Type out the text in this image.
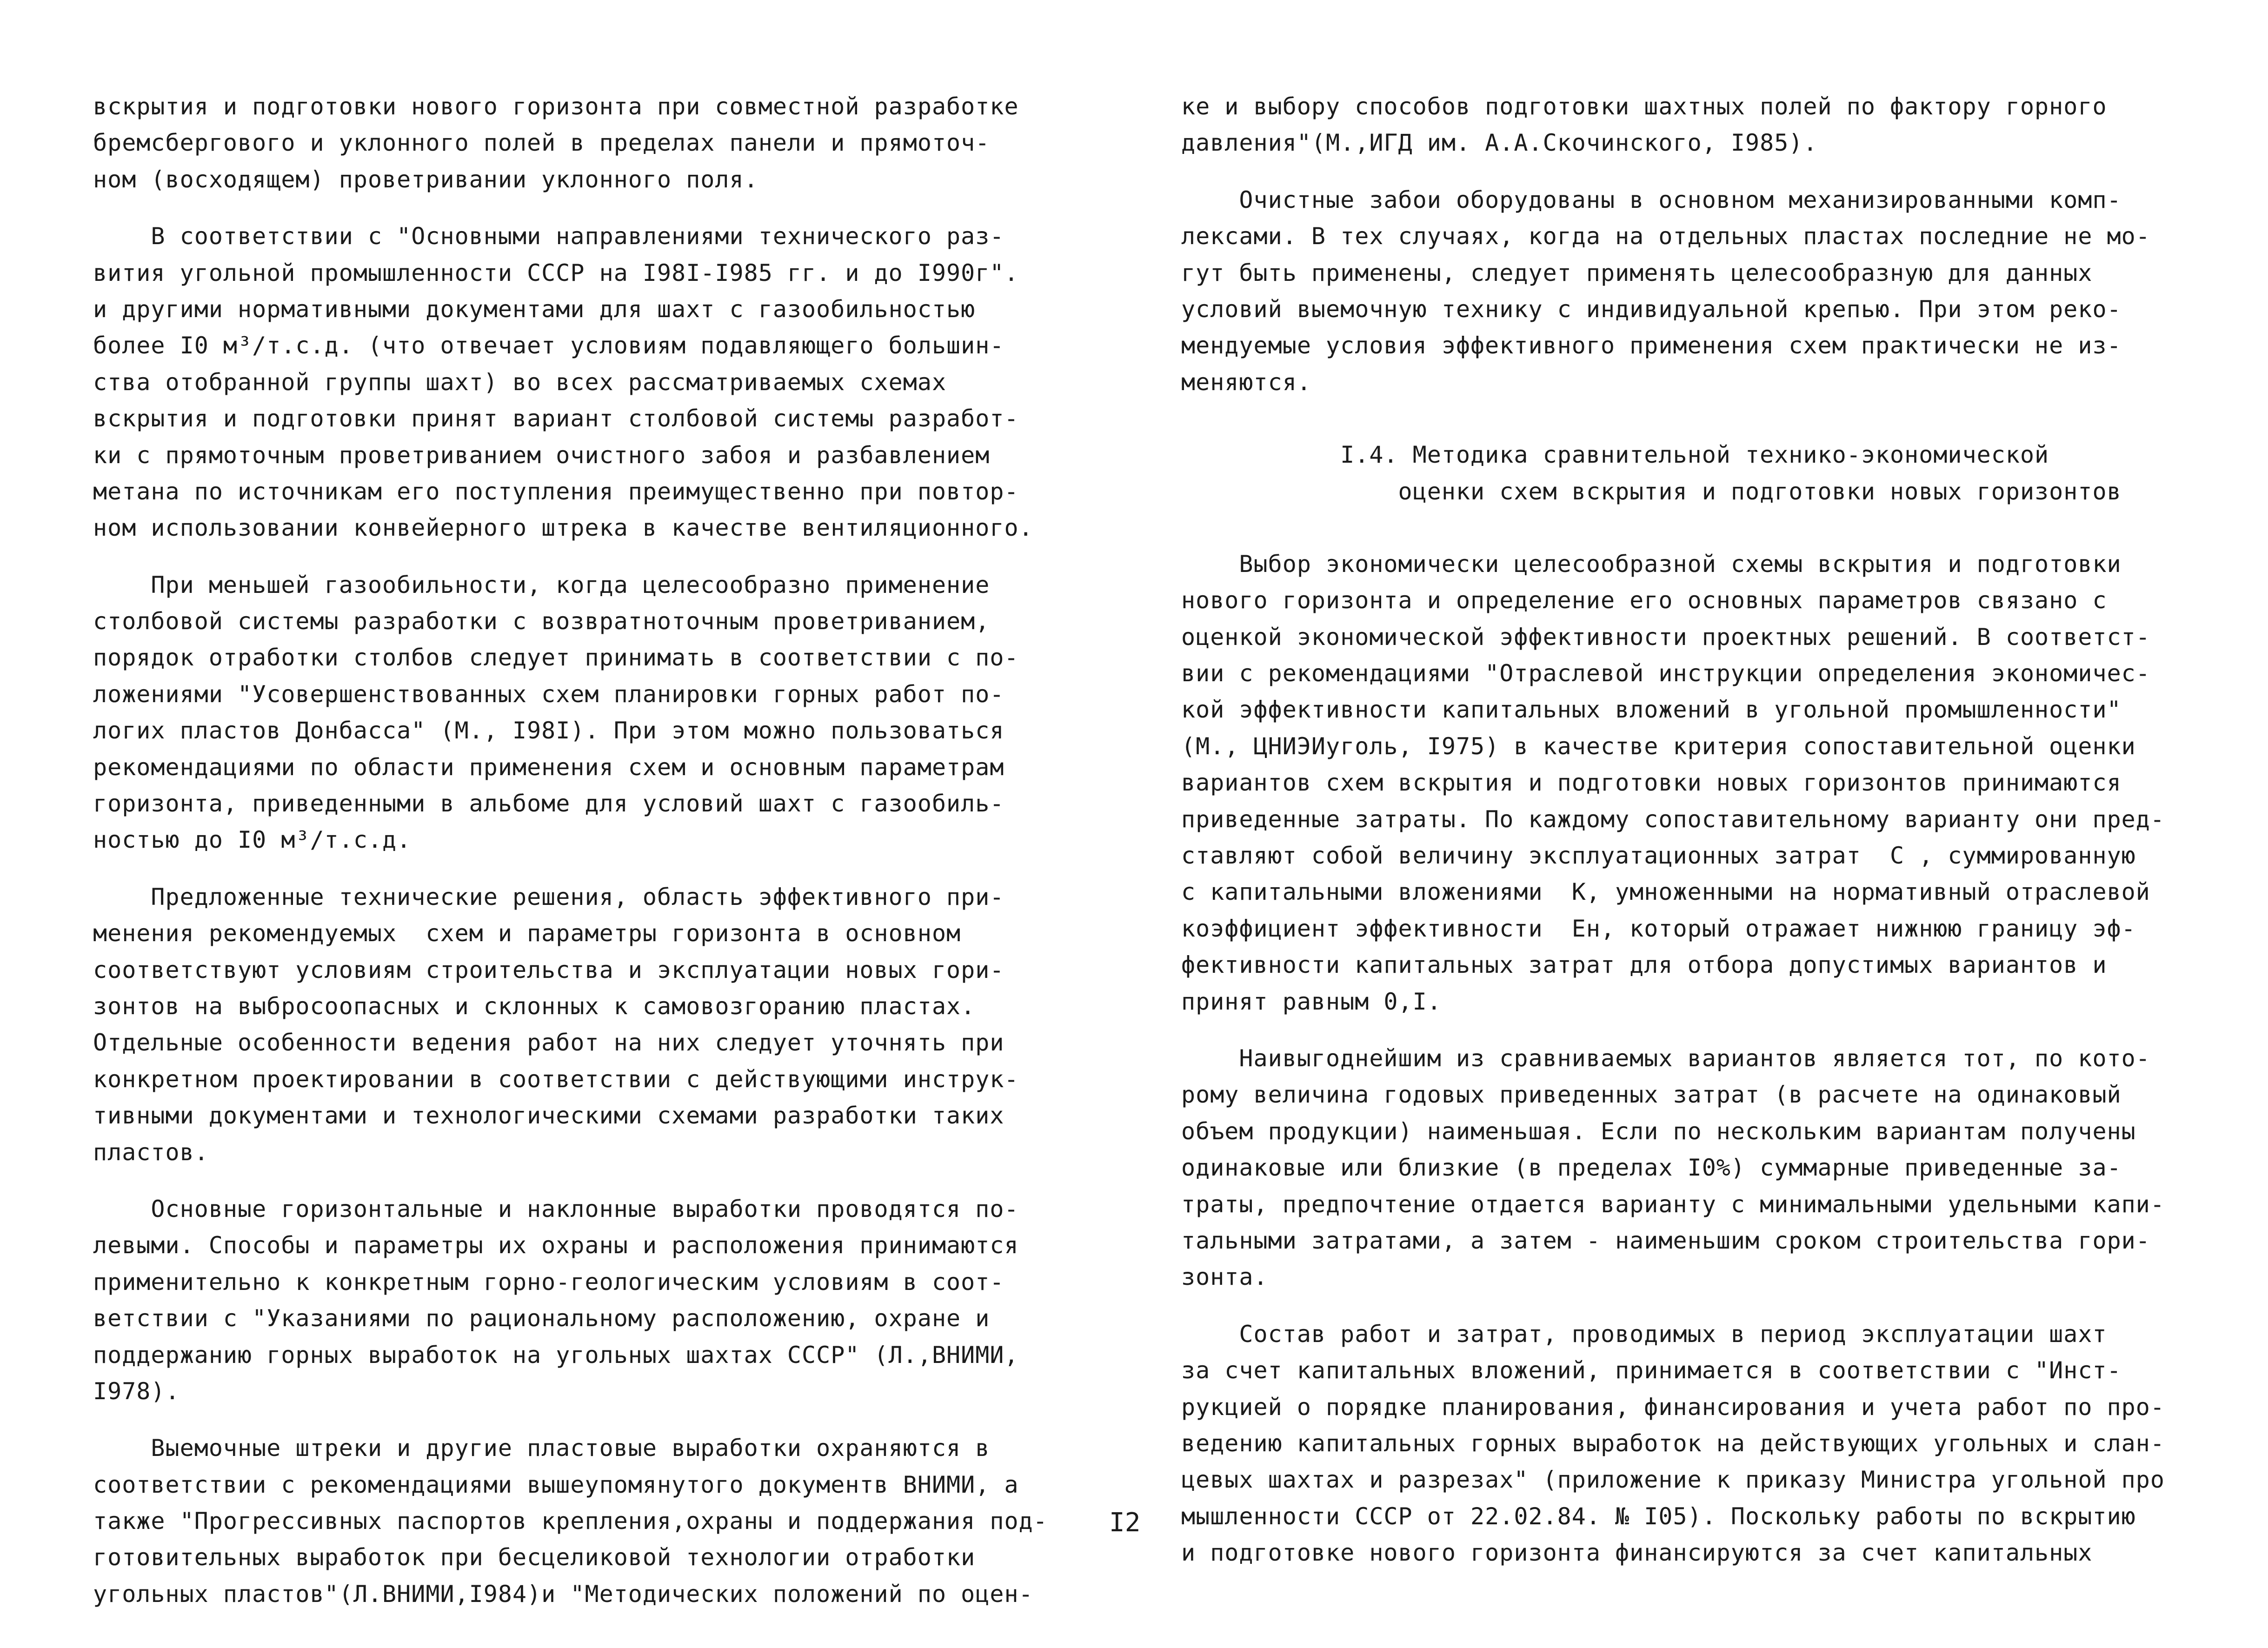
вскрытия и подготовки нового горизонта при совместной разработке
бремсбергового и уклонного полей в пределах панели и прямоточ-
ном (восходящем) проветривании уклонного поля.
В соответствии с "Основными направлениями технического раз-
вития угольной промышленности СССР на I98I-I985 гг. и до I990г".
и другими нормативными документами для шахт с газообильностью
более I0 м³/т.с.д. (что отвечает условиям подавляющего большин-
ства отобранной группы шахт) во всех рассматриваемых схемах
вскрытия и подготовки принят вариант столбовой системы разработ-
ки с прямоточным проветриванием очистного забоя и разбавлением
метана по источникам его поступления преимущественно при повтор-
ном использовании конвейерного штрека в качестве вентиляционного.
При меньшей газообильности, когда целесообразно применение
столбовой системы разработки с возвратноточным проветриванием,
порядок отработки столбов следует принимать в соответствии с по-
ложениями "Усовершенствованных схем планировки горных работ по-
логих пластов Донбасса" (М., I98I). При этом можно пользоваться
рекомендациями по области применения схем и основным параметрам
горизонта, приведенными в альбоме для условий шахт с газообиль-
ностью до I0 м³/т.с.д.
Предложенные технические решения, область эффективного при-
менения рекомендуемых  схем и параметры горизонта в основном
соответствуют условиям строительства и эксплуатации новых гори-
зонтов на выбросоопасных и склонных к самовозгоранию пластах.
Отдельные особенности ведения работ на них следует уточнять при
конкретном проектировании в соответствии с действующими инструк-
тивными документами и технологическими схемами разработки таких
пластов.
Основные горизонтальные и наклонные выработки проводятся по-
левыми. Способы и параметры их охраны и расположения принимаются
применительно к конкретным горно-геологическим условиям в соот-
ветствии с "Указаниями по рациональному расположению, охране и
поддержанию горных выработок на угольных шахтах СССР" (Л.,ВНИМИ,
I978).
Выемочные штреки и другие пластовые выработки охраняются в
соответствии с рекомендациями вышеупомянутого документв ВНИМИ, а
также "Прогрессивных паспортов крепления,охраны и поддержания под-
готовительных выработок при бесцеликовой технологии отработки
угольных пластов"(Л.ВНИМИ,I984)и "Методических положений по оцен-
ке и выбору способов подготовки шахтных полей по фактору горного
давления"(М.,ИГД им. А.А.Скочинского, I985).
Очистные забои оборудованы в основном механизированными комп-
лексами. В тех случаях, когда на отдельных пластах последние не мо-
гут быть применены, следует применять целесообразную для данных
условий выемочную технику с индивидуальной крепью. При этом реко-
мендуемые условия эффективного применения схем практически не из-
меняются.
I.4. Методика сравнительной технико-экономической
оценки схем вскрытия и подготовки новых горизонтов
Выбор экономически целесообразной схемы вскрытия и подготовки
нового горизонта и определение его основных параметров связано с
оценкой экономической эффективности проектных решений. В соответст-
вии с рекомендациями "Отраслевой инструкции определения экономичес-
кой эффективности капитальных вложений в угольной промышленности"
(М., ЦНИЭИуголь, I975) в качестве критерия сопоставительной оценки
вариантов схем вскрытия и подготовки новых горизонтов принимаются
приведенные затраты. По каждому сопоставительному варианту они пред-
ставляют собой величину эксплуатационных затрат  С , суммированную
с капитальными вложениями  К, умноженными на нормативный отраслевой
коэффициент эффективности  Ен, который отражает нижнюю границу эф-
фективности капитальных затрат для отбора допустимых вариантов и
принят равным 0,I.
Наивыгоднейшим из сравниваемых вариантов является тот, по кото-
рому величина годовых приведенных затрат (в расчете на одинаковый
объем продукции) наименьшая. Если по нескольким вариантам получены
одинаковые или близкие (в пределах I0%) суммарные приведенные за-
траты, предпочтение отдается варианту с минимальными удельными капи-
тальными затратами, а затем - наименьшим сроком строительства гори-
зонта.
Состав работ и затрат, проводимых в период эксплуатации шахт
за счет капитальных вложений, принимается в соответствии с "Инст-
рукцией о порядке планирования, финансирования и учета работ по про-
ведению капитальных горных выработок на действующих угольных и слан-
цевых шахтах и разрезах" (приложение к приказу Министра угольной про
мышленности СССР от 22.02.84. № I05). Поскольку работы по вскрытию
и подготовке нового горизонта финансируются за счет капитальных
I2
